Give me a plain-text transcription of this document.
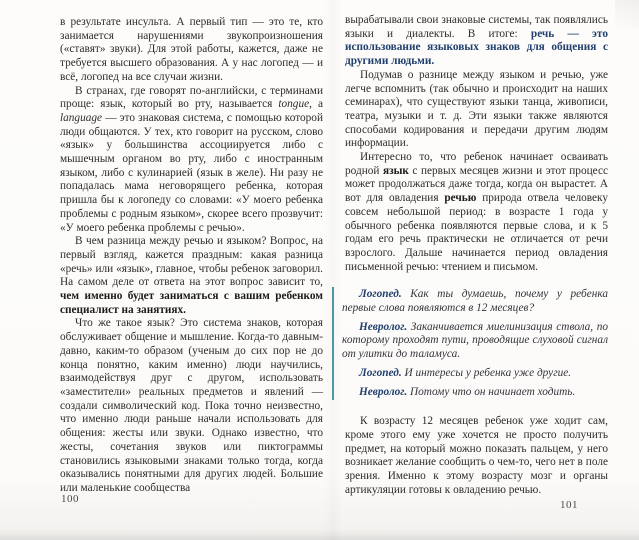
в результате инсульта. А первый тип — это те, кто занимается нарушениями звукопроизношения («ставят» звуки). Для этой работы, кажется, даже не требуется высшего образования. А у нас логопед — и всё, логопед на все случаи жизни.

В странах, где говорят по-английски, с терминами проще: язык, который во рту, называется tongue, а language — это знаковая система, с помощью которой люди общаются. У тех, кто говорит на русском, слово «язык» у большинства ассоциируется либо с мышечным органом во рту, либо с иностранным языком, либо с кулинарией (язык в желе). Ни разу не попадалась мама неговорящего ребенка, которая пришла бы к логопеду со словами: «У моего ребенка проблемы с родным языком», скорее всего прозвучит: «У моего ребенка проблемы с речью».

В чем разница между речью и языком? Вопрос, на первый взгляд, кажется праздным: какая разница «речь» или «язык», главное, чтобы ребенок заговорил. На самом деле от ответа на этот вопрос зависит то, чем именно будет заниматься с вашим ребенком специалист на занятиях.

Что же такое язык? Это система знаков, которая обслуживает общение и мышление. Когда-то давным-давно, каким-то образом (ученым до сих пор не до конца понятно, каким именно) люди научились, взаимодействуя друг с другом, использовать «заместители» реальных предметов и явлений — создали символический код. Пока точно неизвестно, что именно люди раньше начали использовать для общения: жесты или звуки. Однако известно, что жесты, сочетания звуков или пиктограммы становились языковыми знаками только тогда, когда оказывались понятными для других людей. Большие или маленькие сообщества

вырабатывали свои знаковые системы, так появлялись языки и диалекты. В итоге: речь — это использование языковых знаков для общения с другими людьми.

Подумав о разнице между языком и речью, уже легче вспомнить (так обычно и происходит на наших семинарах), что существуют языки танца, живописи, театра, музыки и т. д. Эти языки также являются способами кодирования и передачи другим людям информации.

Интересно то, что ребенок начинает осваивать родной язык с первых месяцев жизни и этот процесс может продолжаться даже тогда, когда он вырастет. А вот для овладения речью природа отвела человеку совсем небольшой период: в возрасте 1 года у обычного ребенка появляются первые слова, и к 5 годам его речь практически не отличается от речи взрослого. Дальше начинается период овладения письменной речью: чтением и письмом.

Логопед. Как ты думаешь, почему у ребенка первые слова появляются в 12 месяцев?

Невролог. Заканчивается миелинизация ствола, по которому проходят пути, проводящие слуховой сигнал от улитки до таламуса.

Логопед. И интересы у ребенка уже другие.

Невролог. Потому что он начинает ходить.

К возрасту 12 месяцев ребенок уже ходит сам, кроме этого ему уже хочется не просто получить предмет, на который можно показать пальцем, у него возникает желание сообщить о чем-то, чего нет в поле зрения. Именно к этому возрасту мозг и органы артикуляции готовы к овладению речью.

100	101
